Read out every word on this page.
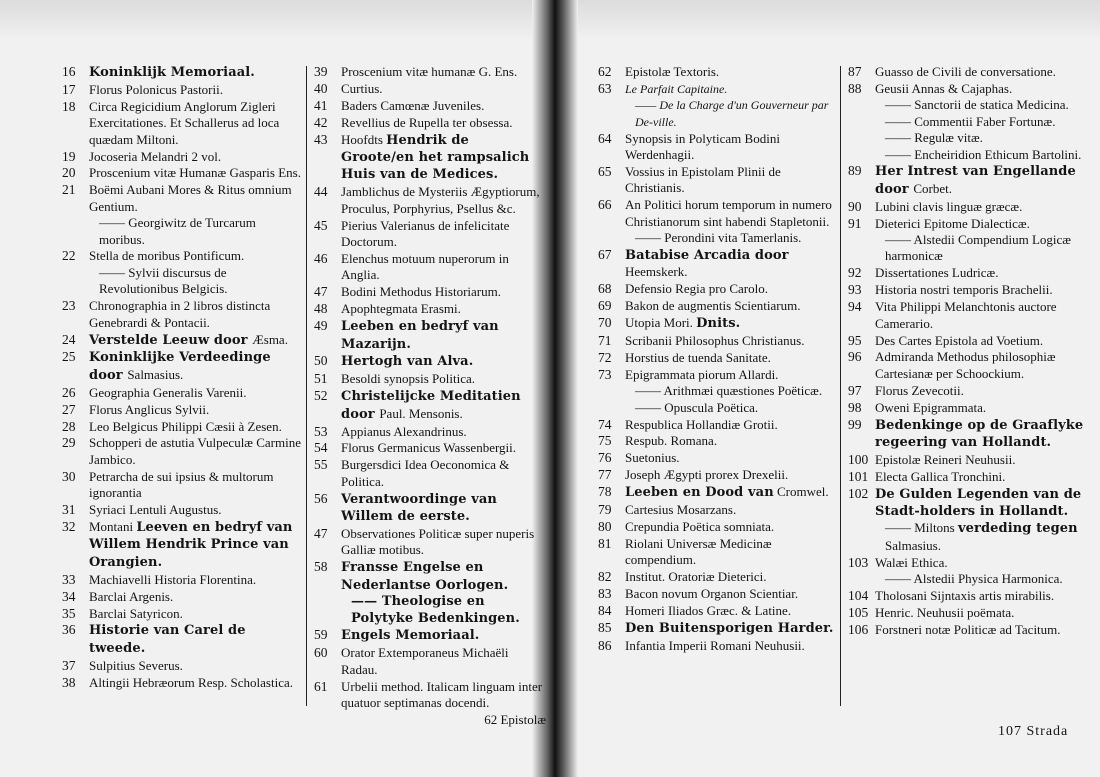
16	Koninklijk Memoriaal.
17	Florus Polonicus Pastorii.
18	Circa Regicidium Anglorum Zigleri Exercitationes. Et Schallerus ad loca quædam Miltoni.
19	Jocoseria Melandri 2 vol.
20	Proscenium vitæ Humanæ Gasparis Ens.
21	Boëmi Aubani Mores & Ritus omnium Gentium.
—— Georgiwitz de Turcarum moribus.
22	Stella de moribus Pontificum.
—— Sylvii discursus de Revolutionibus Belgicis.
23	Chronographia in 2 libros distincta Genebrardi & Pontacii.
24	Verstelde Leeuw door Æsma.
25	Koninklijke Verdeedinge door Salmasius.
26	Geographia Generalis Varenii.
27	Florus Anglicus Sylvii.
28	Leo Belgicus Philippi Cæsii à Zesen.
29	Schopperi de astutia Vulpeculæ Carmine Jambico.
30	Petrarcha de sui ipsius & multorum ignorantia
31	Syriaci Lentuli Augustus.
32	Montani Leeven en bedryf van Willem Hendrik Prince van Orangien.
33	Machiavelli Historia Florentina.
34	Barclai Argenis.
35	Barclai Satyricon.
36	Historie van Carel de tweede.
37	Sulpitius Severus.
38	Altingii Hebræorum Resp. Scholastica.
39	Proscenium vitæ humanæ G. Ens.
40	Curtius.
41	Baders Camœnæ Juveniles.
42	Revellius de Rupella ter obsessa.
43	Hoofdts Hendrik de Groote/en het rampsalich Huis van de Medices.
44	Jamblichus de Mysteriis Ægyptiorum, Proculus, Porphyrius, Psellus &c.
45	Pierius Valerianus de infelicitate Doctorum.
46	Elenchus motuum nuperorum in Anglia.
47	Bodini Methodus Historiarum.
48	Apophtegmata Erasmi.
49	Leeben en bedryf van Mazarijn.
50	Hertogh van Alva.
51	Besoldi synopsis Politica.
52	Christelijcke Meditatien door Paul. Mensonis.
53	Appianus Alexandrinus.
54	Florus Germanicus Wassenbergii.
55	Burgersdici Idea Oeconomica & Politica.
56	Verantwoordinge van Willem de eerste.
47	Observationes Politicæ super nuperis Galliæ motibus.
58	Fransse Engelse en Nederlantse Oorlogen.
—— Theologise en Polytyke Bedenkingen.
59	Engels Memoriaal.
60	Orator Extemporaneus Michaëli Radau.
61	Urbelii method. Italicam linguam inter quatuor septimanas docendi.
62 Epistolæ
62	Epistolæ Textoris.
63	Le Parfait Capitaine.
—— De la Charge d'un Gouverneur par De-ville.
64	Synopsis in Polyticam Bodini Werdenhagii.
65	Vossius in Epistolam Plinii de Christianis.
66	An Politici horum temporum in numero Christianorum sint habendi Stapletonii.
—— Perondini vita Tamerlanis.
67	Batabise Arcadia door Heemskerk.
68	Defensio Regia pro Carolo.
69	Bakon de augmentis Scientiarum.
70	Utopia Mori. Dnits.
71	Scribanii Philosophus Christianus.
72	Horstius de tuenda Sanitate.
73	Epigrammata piorum Allardi.
—— Arithmæi quæstiones Poëticæ.
—— Opuscula Poëtica.
74	Respublica Hollandiæ Grotii.
75	Respub. Romana.
76	Suetonius.
77	Joseph Ægypti prorex Drexelii.
78	Leeben en Dood van Cromwel.
79	Cartesius Mosarzans.
80	Crepundia Poëtica somniata.
81	Riolani Universæ Medicinæ compendium.
82	Institut. Oratoriæ Dieterici.
83	Bacon novum Organon Scientiar.
84	Homeri Iliados Græc. & Latine.
85	Den Buitensporigen Harder.
86	Infantia Imperii Romani Neuhusii.
87	Guasso de Civili de conversatione.
88	Geusii Annas & Cajaphas.
—— Sanctorii de statica Medicina.
—— Commentii Faber Fortunæ.
—— Regulæ vitæ.
—— Encheiridion Ethicum Bartolini.
89	Her Intrest van Engellande door Corbet.
90	Lubini clavis linguæ græcæ.
91	Dieterici Epitome Dialecticæ.
—— Alstedii Compendium Logicæ harmonicæ
92	Dissertationes Ludricæ.
93	Historia nostri temporis Brachelii.
94	Vita Philippi Melanchtonis auctore Camerario.
95	Des Cartes Epistola ad Voetium.
96	Admiranda Methodus philosophiæ Cartesianæ per Schoockium.
97	Florus Zevecotii.
98	Oweni Epigrammata.
99	Bedenkinge op de Graaflyke regeering van Hollandt.
100 Epistolæ Reineri Neuhusii.
101 Electa Gallica Tronchini.
102 De Gulden Legenden van de Stadt-holders in Hollandt.
—— Miltons verdeding tegen
Salmasius.
103 Walæi Ethica.
—— Alstedii Physica Harmonica.
104 Tholosani Sijntaxis artis mirabilis.
105 Henric. Neuhusii poëmata.
106 Forstneri notæ Politicæ ad Tacitum.
107 Strada
